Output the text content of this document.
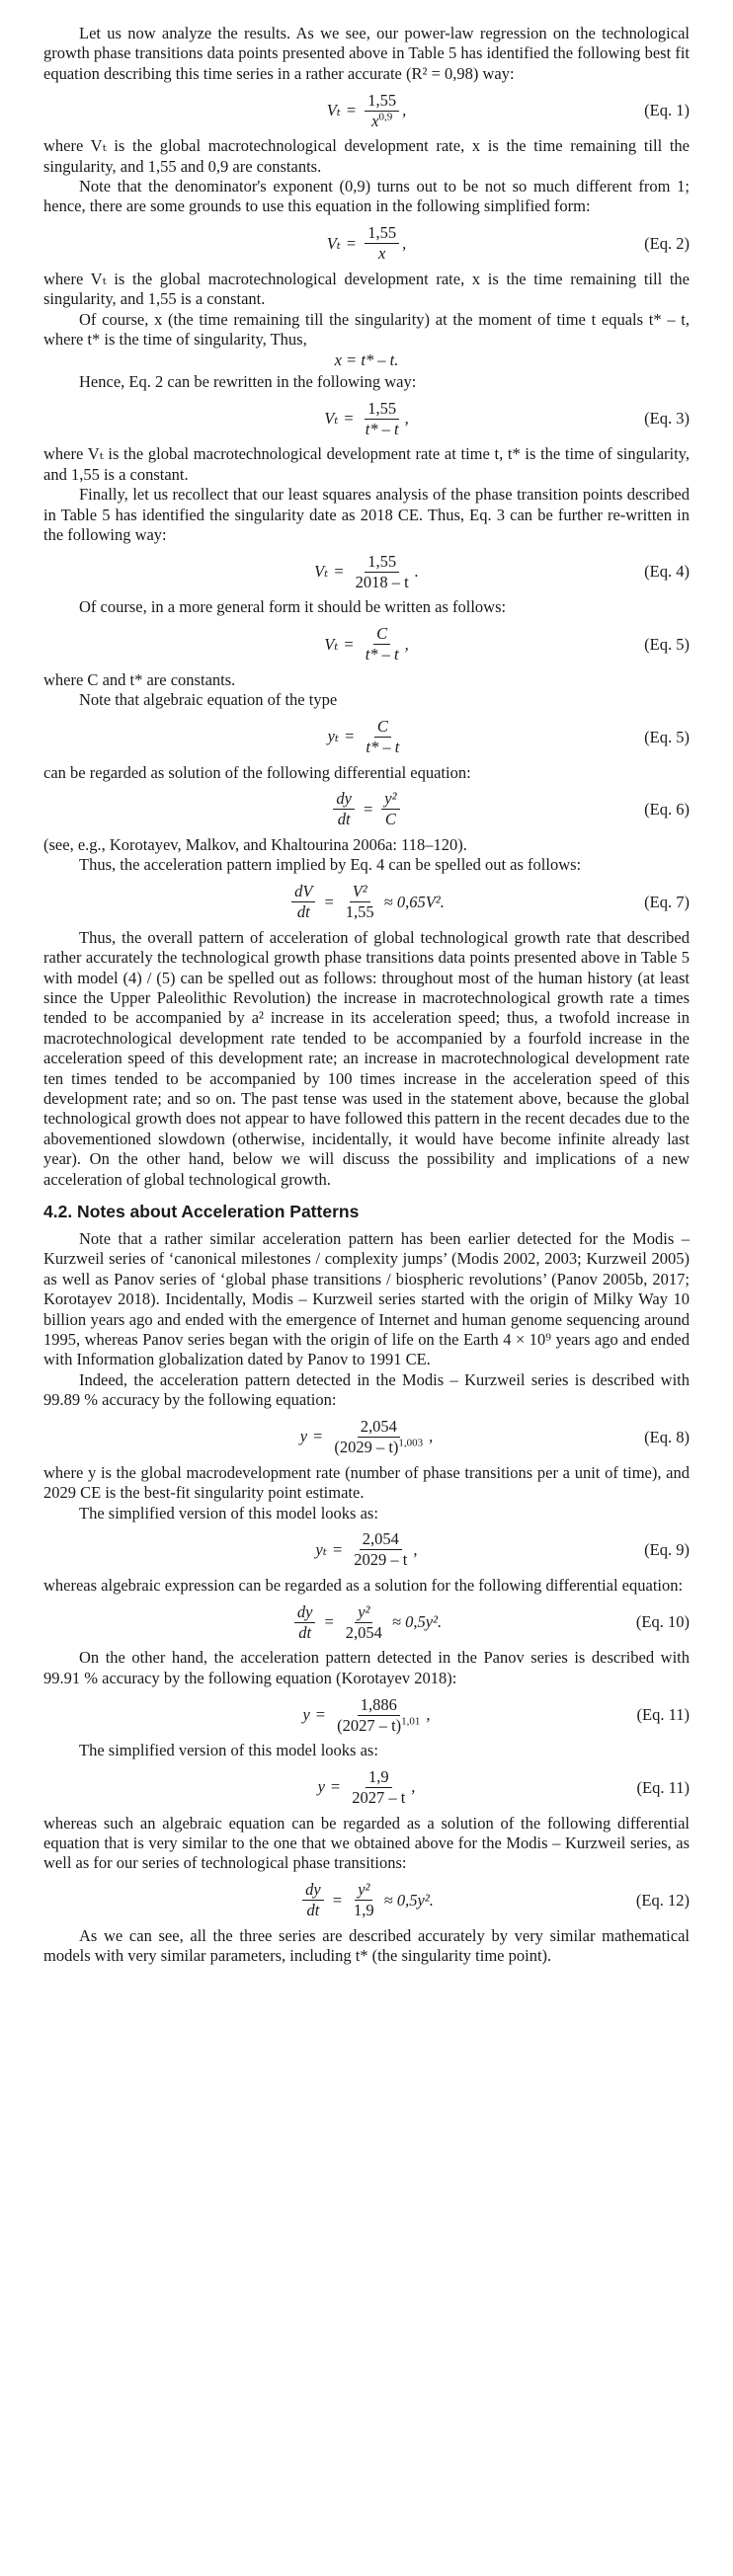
Let us now analyze the results. As we see, our power-law regression on the technological growth phase transitions data points presented above in Table 5 has identified the following best fit equation describing this time series in a rather accurate (R² = 0,98) way:

$V_t = \frac{1,55}{x^{0,9}}$ ,	(Eq. 1)

where Vₜ is the global macrotechnological development rate, x is the time remaining till the singularity, and 1,55 and 0,9 are constants.

Note that the denominator's exponent (0,9) turns out to be not so much different from 1; hence, there are some grounds to use this equation in the following simplified form:

$V_t = \frac{1,55}{x}$ ,	(Eq. 2)

where Vₜ is the global macrotechnological development rate, x is the time remaining till the singularity, and 1,55 is a constant.

Of course, x (the time remaining till the singularity) at the moment of time t equals t* – t, where t* is the time of singularity, Thus,

x = t* – t.

Hence, Eq. 2 can be rewritten in the following way:

$V_t = \frac{1,55}{t* - t}$ ,	(Eq. 3)

where Vₜ is the global macrotechnological development rate at time t, t* is the time of singularity, and 1,55 is a constant.

Finally, let us recollect that our least squares analysis of the phase transition points described in Table 5 has identified the singularity date as 2018 CE. Thus, Eq. 3 can be further re-written in the following way:

$V_t = \frac{1,55}{2018 - t}$ .	(Eq. 4)

Of course, in a more general form it should be written as follows:

$V_t = \frac{C}{t* - t}$ ,	(Eq. 5)

where C and t* are constants.

Note that algebraic equation of the type

$y_t = \frac{C}{t* - t}$	(Eq. 5)

can be regarded as solution of the following differential equation:

$\frac{dy}{dt} = \frac{\text{y²}}{C}$	(Eq. 6)

(see, e.g., Korotayev, Malkov, and Khaltourina 2006a: 118–120).

Thus, the acceleration pattern implied by Eq. 4 can be spelled out as follows:

$\frac{dV}{dt} = \frac{\text{V²}}{1,55} \approx 0,65V^2$.	(Eq. 7)

Thus, the overall pattern of acceleration of global technological growth rate that described rather accurately the technological growth phase transitions data points presented above in Table 5 with model (4) / (5) can be spelled out as follows: throughout most of the human history (at least since the Upper Paleolithic Revolution) the increase in macrotechnological growth rate a times tended to be accompanied by a² increase in its acceleration speed; thus, a twofold increase in macrotechnological development rate tended to be accompanied by a fourfold increase in the acceleration speed of this development rate; an increase in macrotechnological development rate ten times tended to be accompanied by 100 times increase in the acceleration speed of this development rate; and so on. The past tense was used in the statement above, because the global technological growth does not appear to have followed this pattern in the recent decades due to the abovementioned slowdown (otherwise, incidentally, it would have become infinite already last year). On the other hand, below we will discuss the possibility and implications of a new acceleration of global technological growth.

4.2. Notes about Acceleration Patterns

Note that a rather similar acceleration pattern has been earlier detected for the Modis – Kurzweil series of ‘canonical milestones / complexity jumps’ (Modis 2002, 2003; Kurzweil 2005) as well as Panov series of ‘global phase transitions / biospheric revolutions’ (Panov 2005b, 2017; Korotayev 2018). Incidentally, Modis – Kurzweil series started with the origin of Milky Way 10 billion years ago and ended with the emergence of Internet and human genome sequencing around 1995, whereas Panov series began with the origin of life on the Earth 4 × 10⁹ years ago and ended with Information globalization dated by Panov to 1991 CE.

Indeed, the acceleration pattern detected in the Modis – Kurzweil series is described with 99.89 % accuracy by the following equation:

$y = \frac{2,054}{(2029 - t)^{1,003}}$ ,	(Eq. 8)

where y is the global macrodevelopment rate (number of phase transitions per a unit of time), and 2029 CE is the best-fit singularity point estimate.

The simplified version of this model looks as:

$y_t = \frac{2,054}{2029 - t}$ ,	(Eq. 9)

whereas algebraic expression can be regarded as a solution for the following differential equation:

$\frac{dy}{dt} = \frac{\text{y²}}{2,054} \approx 0,5y^2$.	(Eq. 10)

On the other hand, the acceleration pattern detected in the Panov series is described with 99.91 % accuracy by the following equation (Korotayev 2018):

$y = \frac{1,886}{(2027 - t)^{1,01}}$ ,	(Eq. 11)

The simplified version of this model looks as:

$y = \frac{1,9}{2027 - t}$ ,	(Eq. 11)

whereas such an algebraic equation can be regarded as a solution of the following differential equation that is very similar to the one that we obtained above for the Modis – Kurzweil series, as well as for our series of technological phase transitions:

$\frac{dy}{dt} = \frac{\text{y²}}{1,9} \approx 0,5y^2$.	(Eq. 12)

As we can see, all the three series are described accurately by very similar mathematical models with very similar parameters, including t* (the singularity time point).
